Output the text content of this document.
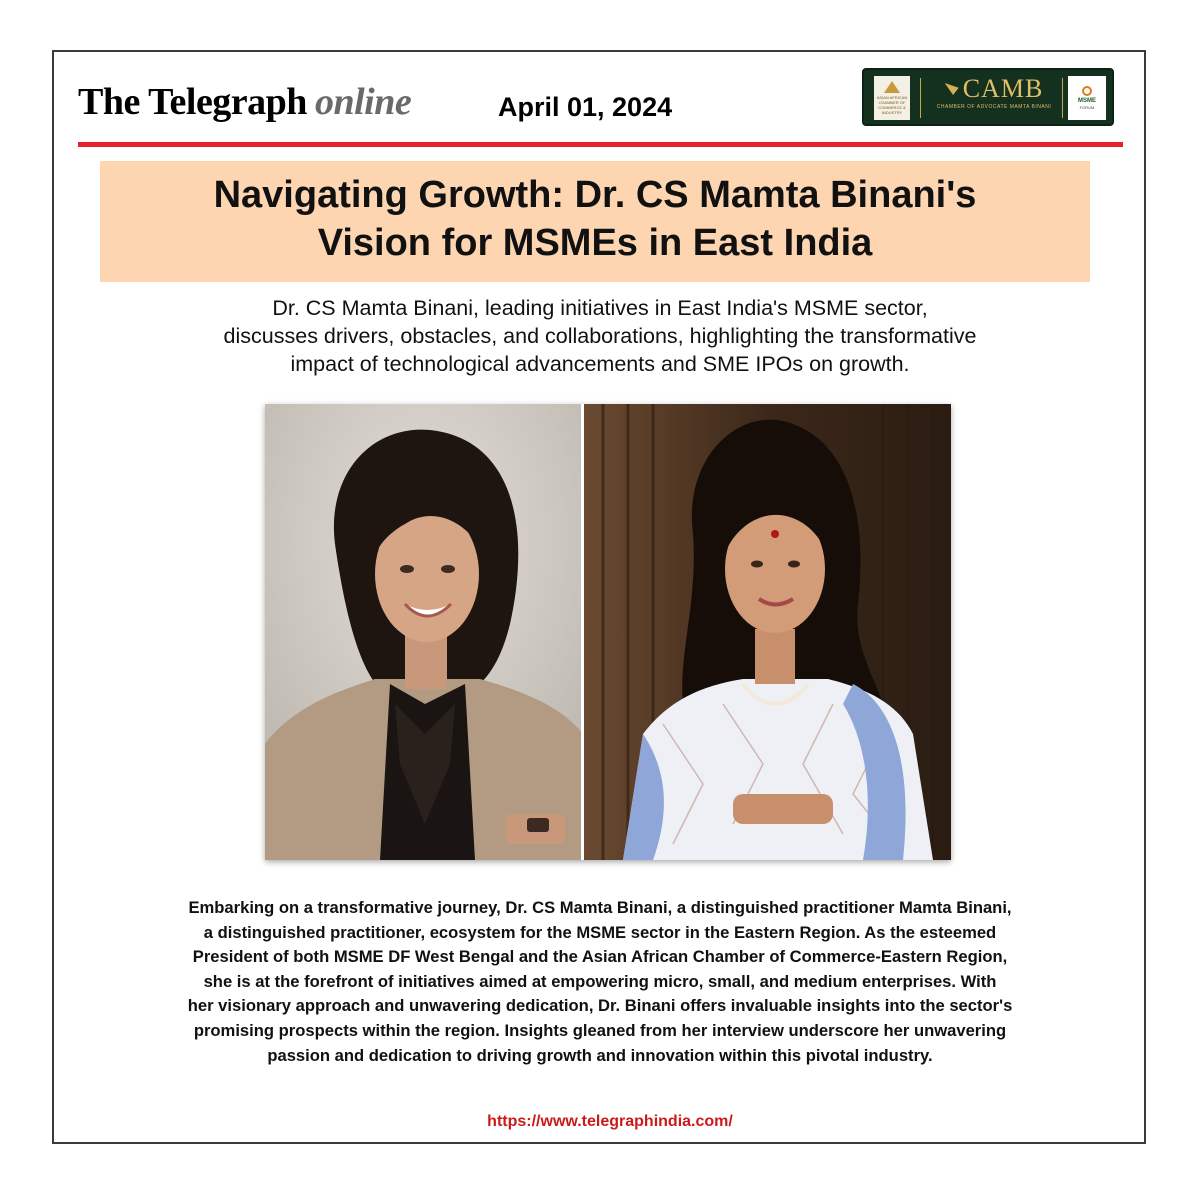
The Telegraph online	April 01, 2024	ASIAN AFRICAN CHAMBER OF COMMERCE & INDUSTRY
CAMB
CHAMBER OF ADVOCATE MAMTA BINANI
MSME
FORUM
Navigating Growth: Dr. CS Mamta Binani's
Vision for MSMEs in East India

Dr. CS Mamta Binani, leading initiatives in East India's MSME sector,
discusses drivers, obstacles, and collaborations, highlighting the transformative
impact of technological advancements and SME IPOs on growth.

Embarking on a transformative journey, Dr. CS Mamta Binani, a distinguished practitioner Mamta Binani,
a distinguished practitioner, ecosystem for the MSME sector in the Eastern Region. As the esteemed
President of both MSME DF West Bengal and the Asian African Chamber of Commerce-Eastern Region,
she is at the forefront of initiatives aimed at empowering micro, small, and medium enterprises. With
her visionary approach and unwavering dedication, Dr. Binani offers invaluable insights into the sector's
promising prospects within the region. Insights gleaned from her interview underscore her unwavering
passion and dedication to driving growth and innovation within this pivotal industry.

https://www.telegraphindia.com/
